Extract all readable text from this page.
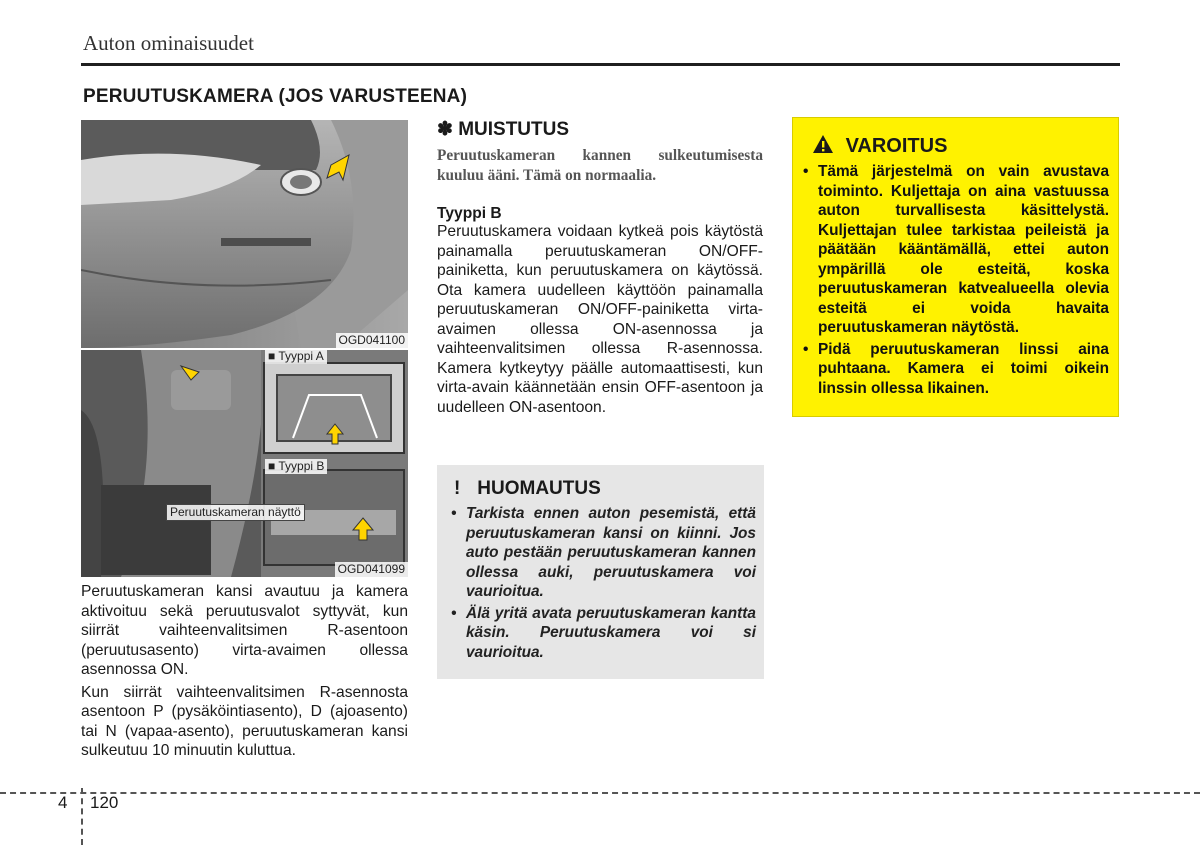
Auton ominaisuudet
PERUUTUSKAMERA (JOS VARUSTEENA)
OGD041100
■ Tyyppi A
■ Tyyppi B
Peruutuskameran näyttö
OGD041099

Peruutuskameran kansi avautuu ja kamera aktivoituu sekä peruutusvalot syttyvät, kun siirrät vaihteenvalitsimen R-asentoon (peruutusasento) virta-avaimen ollessa asennossa ON.

Kun siirrät vaihteenvalitsimen R-asennosta asentoon P (pysäköintiasento), D (ajoasento) tai N (vapaa-asento), peruutuskameran kansi sulkeutuu 10 minuutin kuluttua.

✽ MUISTUTUS
Peruutuskameran kannen sulkeutumisesta kuuluu ääni. Tämä on normaalia.
Tyyppi B
Peruutuskamera voidaan kytkeä pois käytöstä painamalla peruutuskameran ON/OFF-painiketta, kun peruutuskamera on käytössä. Ota kamera uudelleen käyttöön painamalla peruutuskameran ON/OFF-painiketta virta-avaimen ollessa ON-asennossa ja vaihteenvalitsimen ollessa R-asennossa. Kamera kytkeytyy päälle automaattisesti, kun virta-avain käännetään ensin OFF-asentoon ja uudelleen ON-asentoon.
! HUOMAUTUS
• Tarkista ennen auton pesemistä, että peruutuskameran kansi on kiinni. Jos auto pestään peruutuskameran kannen ollessa auki, peruutuskamera voi vaurioitua.
• Älä yritä avata peruutuskameran kantta käsin. Peruutuskamera voi si vaurioitua.
VAROITUS
• Tämä järjestelmä on vain avustava toiminto. Kuljettaja on aina vastuussa auton turvallisesta käsittelystä. Kuljettajan tulee tarkistaa peileistä ja päätään kääntämällä, ettei auton ympärillä ole esteitä, koska peruutuskameran katvealueella olevia esteitä ei voida havaita peruutuskameran näytöstä.
• Pidä peruutuskameran linssi aina puhtaana. Kamera ei toimi oikein linssin ollessa likainen.
4 120
